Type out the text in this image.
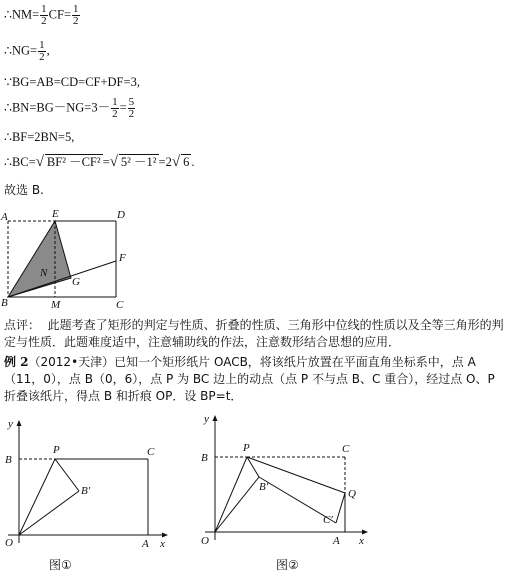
∴NM= $\frac{1}{2} CF= \frac{1}{2}$
∴NG= $\frac{1}{2}$ ,
∵BG=AB=CD=CF+DF=3,
∴BN=BG－NG=3－ $\frac{1}{2} = \frac{5}{2}$
∴BF=2BN=5,
∴BC=√ BF² －CF² =√ 5² －1² =2√ 6 .
故选 B.
A	E	D
F
N
G
B	M	C
点评： 此题考查了矩形的判定与性质、折叠的性质、三角形中位线的性质以及全等三角形的判定与性质．此题难度适中，注意辅助线的作法，注意数形结合思想的应用．
例 2（2012•天津）已知一个矩形纸片 OACB，将该纸片放置在平面直角坐标系中，点 A（11，0），点 B（0，6），点 P 为 BC 边上的动点（点 P 不与点 B、C 重合），经过点 O、P 折叠该纸片，得点 B 和折痕 OP．设 BP=t．
y
x
B
P	C
B′
O	A
图①
y
x
B
P	C
B′
Q
C′
O	A
图②
